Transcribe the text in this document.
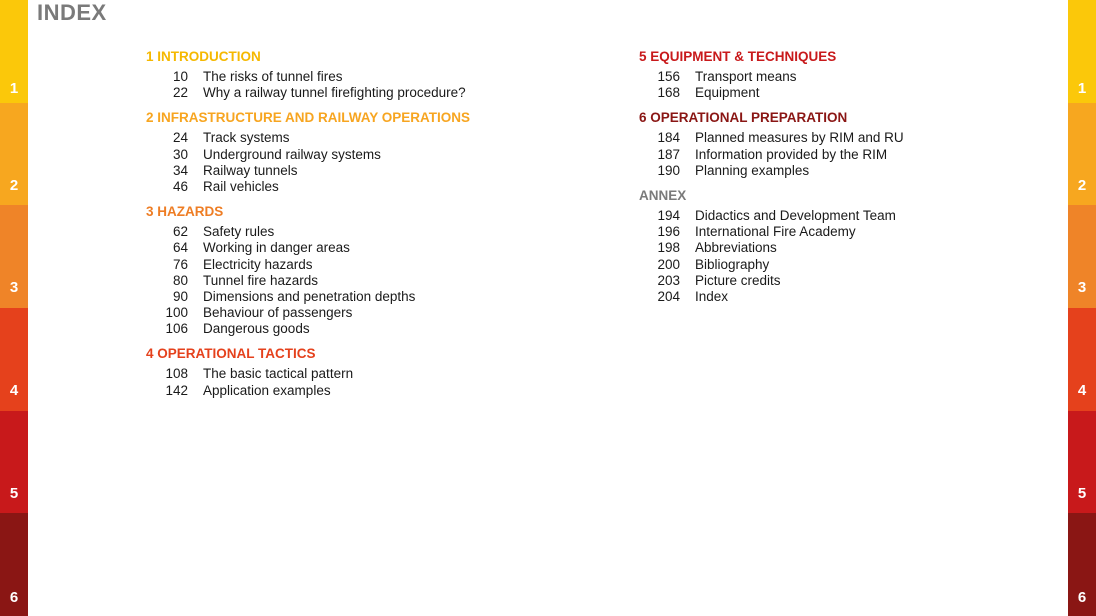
1
2
3
4
5
6
1
2
3
4
5
6
INDEX
1 INTRODUCTION
10	The risks of tunnel fires
22	Why a railway tunnel firefighting procedure?
2 INFRASTRUCTURE AND RAILWAY OPERATIONS
24	Track systems
30	Underground railway systems
34	Railway tunnels
46	Rail vehicles
3 HAZARDS
62	Safety rules
64	Working in danger areas
76	Electricity hazards
80	Tunnel fire hazards
90	Dimensions and penetration depths
100	Behaviour of passengers
106	Dangerous goods
4 OPERATIONAL TACTICS
108	The basic tactical pattern
142	Application examples
5 EQUIPMENT & TECHNIQUES
156	Transport means
168	Equipment
6 OPERATIONAL PREPARATION
184	Planned measures by RIM and RU
187	Information provided by the RIM
190	Planning examples
ANNEX
194	Didactics and Development Team
196	International Fire Academy
198	Abbreviations
200	Bibliography
203	Picture credits
204	Index
